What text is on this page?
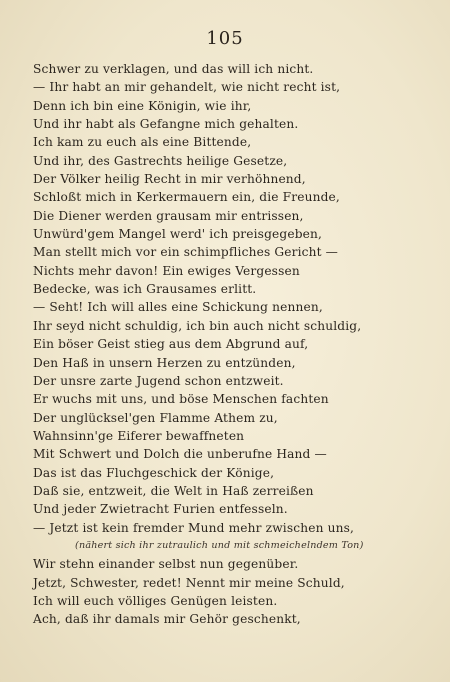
105
Schwer zu verklagen, und das will ich nicht.
— Ihr habt an mir gehandelt, wie nicht recht ist,
Denn ich bin eine Königin, wie ihr,
Und ihr habt als Gefangne mich gehalten.
Ich kam zu euch als eine Bittende,
Und ihr, des Gastrechts heilige Gesetze,
Der Völker heilig Recht in mir verhöhnend,
Schloßt mich in Kerkermauern ein, die Freunde,
Die Diener werden grausam mir entrissen,
Unwürd'gem Mangel werd' ich preisgegeben,
Man stellt mich vor ein schimpfliches Gericht —
Nichts mehr davon! Ein ewiges Vergessen
Bedecke, was ich Grausames erlitt.
— Seht! Ich will alles eine Schickung nennen,
Ihr seyd nicht schuldig, ich bin auch nicht schuldig,
Ein böser Geist stieg aus dem Abgrund auf,
Den Haß in unsern Herzen zu entzünden,
Der unsre zarte Jugend schon entzweit.
Er wuchs mit uns, und böse Menschen fachten
Der unglücksel'gen Flamme Athem zu,
Wahnsinn'ge Eiferer bewaffneten
Mit Schwert und Dolch die unberufne Hand —
Das ist das Fluchgeschick der Könige,
Daß sie, entzweit, die Welt in Haß zerreißen
Und jeder Zwietracht Furien entfesseln.
— Jetzt ist kein fremder Mund mehr zwischen uns,
(nähert sich ihr zutraulich und mit schmeichelndem Ton)
Wir stehn einander selbst nun gegenüber.
Jetzt, Schwester, redet! Nennt mir meine Schuld,
Ich will euch völliges Genügen leisten.
Ach, daß ihr damals mir Gehör geschenkt,
